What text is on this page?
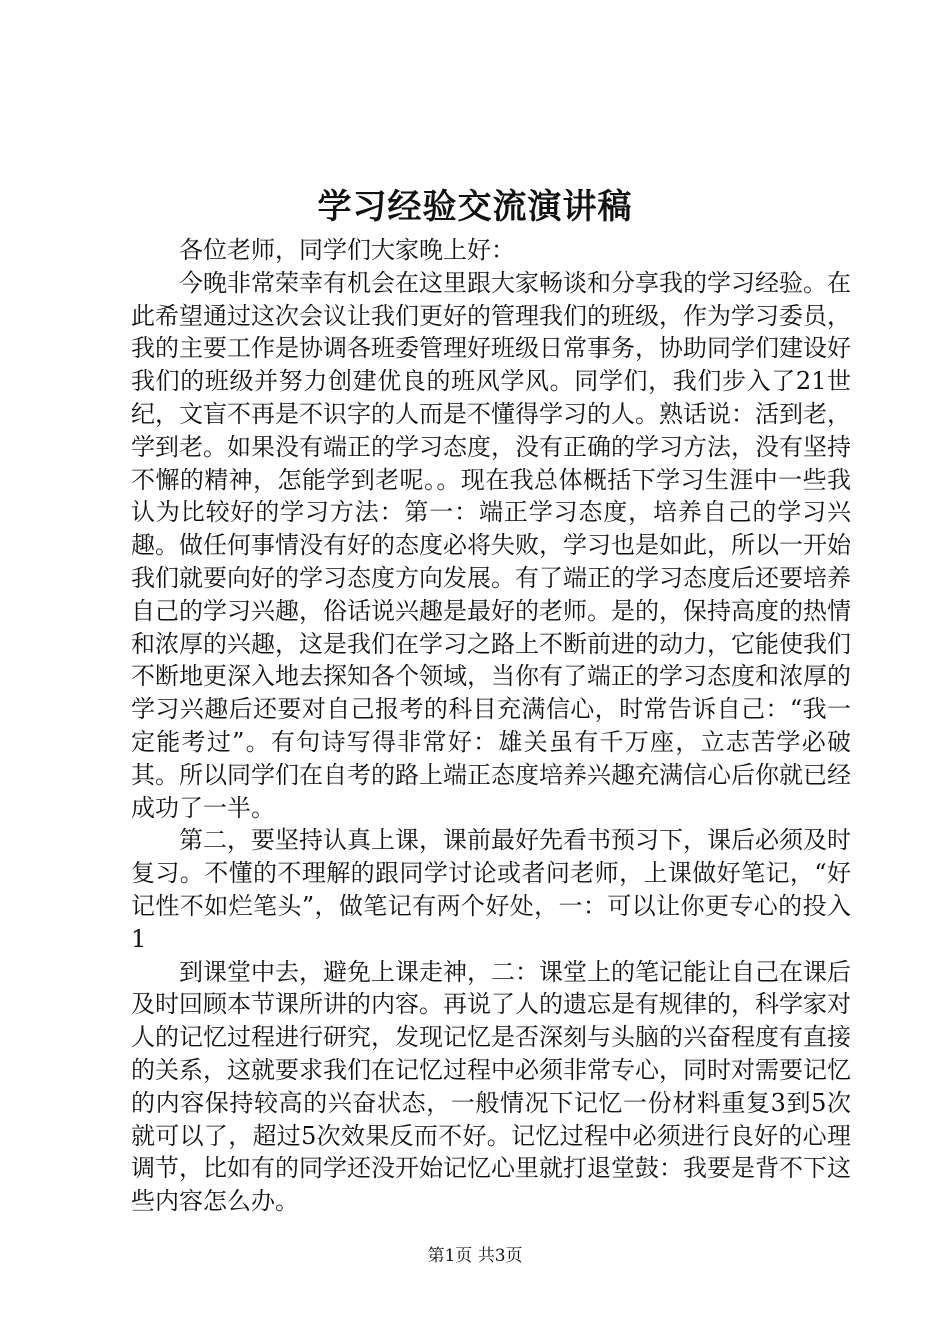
学习经验交流演讲稿

各位老师，同学们大家晚上好：

今晚非常荣幸有机会在这里跟大家畅谈和分享我的学习经验。在此希望通过这次会议让我们更好的管理我们的班级，作为学习委员，我的主要工作是协调各班委管理好班级日常事务，协助同学们建设好我们的班级并努力创建优良的班风学风。同学们，我们步入了21世纪，文盲不再是不识字的人而是不懂得学习的人。熟话说：活到老，学到老。如果没有端正的学习态度，没有正确的学习方法，没有坚持不懈的精神，怎能学到老呢。。现在我总体概括下学习生涯中一些我认为比较好的学习方法：第一：端正学习态度，培养自己的学习兴趣。做任何事情没有好的态度必将失败，学习也是如此，所以一开始我们就要向好的学习态度方向发展。有了端正的学习态度后还要培养自己的学习兴趣，俗话说兴趣是最好的老师。是的，保持高度的热情和浓厚的兴趣，这是我们在学习之路上不断前进的动力，它能使我们不断地更深入地去探知各个领域，当你有了端正的学习态度和浓厚的学习兴趣后还要对自己报考的科目充满信心，时常告诉自己：“我一定能考过”。有句诗写得非常好：雄关虽有千万座，立志苦学必破其。所以同学们在自考的路上端正态度培养兴趣充满信心后你就已经成功了一半。

第二，要坚持认真上课，课前最好先看书预习下，课后必须及时复习。不懂的不理解的跟同学讨论或者问老师，上课做好笔记，“好记性不如烂笔头”，做笔记有两个好处，一：可以让你更专心的投入1

到课堂中去，避免上课走神，二：课堂上的笔记能让自己在课后及时回顾本节课所讲的内容。再说了人的遗忘是有规律的，科学家对人的记忆过程进行研究，发现记忆是否深刻与头脑的兴奋程度有直接的关系，这就要求我们在记忆过程中必须非常专心，同时对需要记忆的内容保持较高的兴奋状态，一般情况下记忆一份材料重复3到5次就可以了，超过5次效果反而不好。记忆过程中必须进行良好的心理调节，比如有的同学还没开始记忆心里就打退堂鼓：我要是背不下这些内容怎么办。

第1页 共3页
